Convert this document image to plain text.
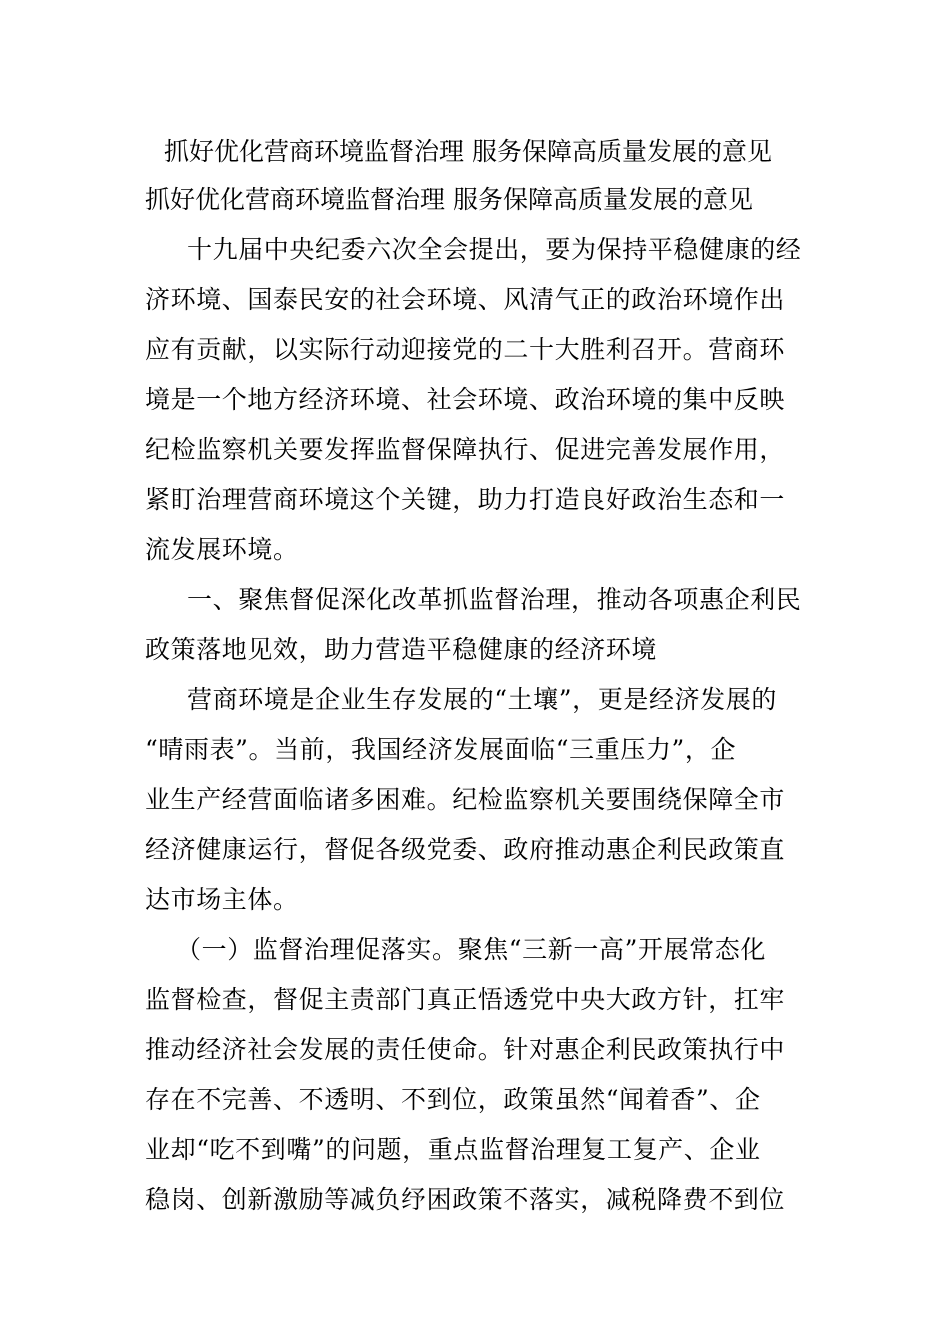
抓好优化营商环境监督治理 服务保障高质量发展的意见
抓好优化营商环境监督治理 服务保障高质量发展的意见
十九届中央纪委六次全会提出，要为保持平稳健康的经
济环境、国泰民安的社会环境、风清气正的政治环境作出
应有贡献，以实际行动迎接党的二十大胜利召开。营商环
境是一个地方经济环境、社会环境、政治环境的集中反映
纪检监察机关要发挥监督保障执行、促进完善发展作用，
紧盯治理营商环境这个关键，助力打造良好政治生态和一
流发展环境。
一、聚焦督促深化改革抓监督治理，推动各项惠企利民
政策落地见效，助力营造平稳健康的经济环境
营商环境是企业生存发展的“土壤”，更是经济发展的
“晴雨表”。当前，我国经济发展面临“三重压力”，企
业生产经营面临诸多困难。纪检监察机关要围绕保障全市
经济健康运行，督促各级党委、政府推动惠企利民政策直
达市场主体。
（一）监督治理促落实。聚焦“三新一高”开展常态化
监督检查，督促主责部门真正悟透党中央大政方针，扛牢
推动经济社会发展的责任使命。针对惠企利民政策执行中
存在不完善、不透明、不到位，政策虽然“闻着香”、企
业却“吃不到嘴”的问题，重点监督治理复工复产、企业
稳岗、创新激励等减负纾困政策不落实，减税降费不到位
